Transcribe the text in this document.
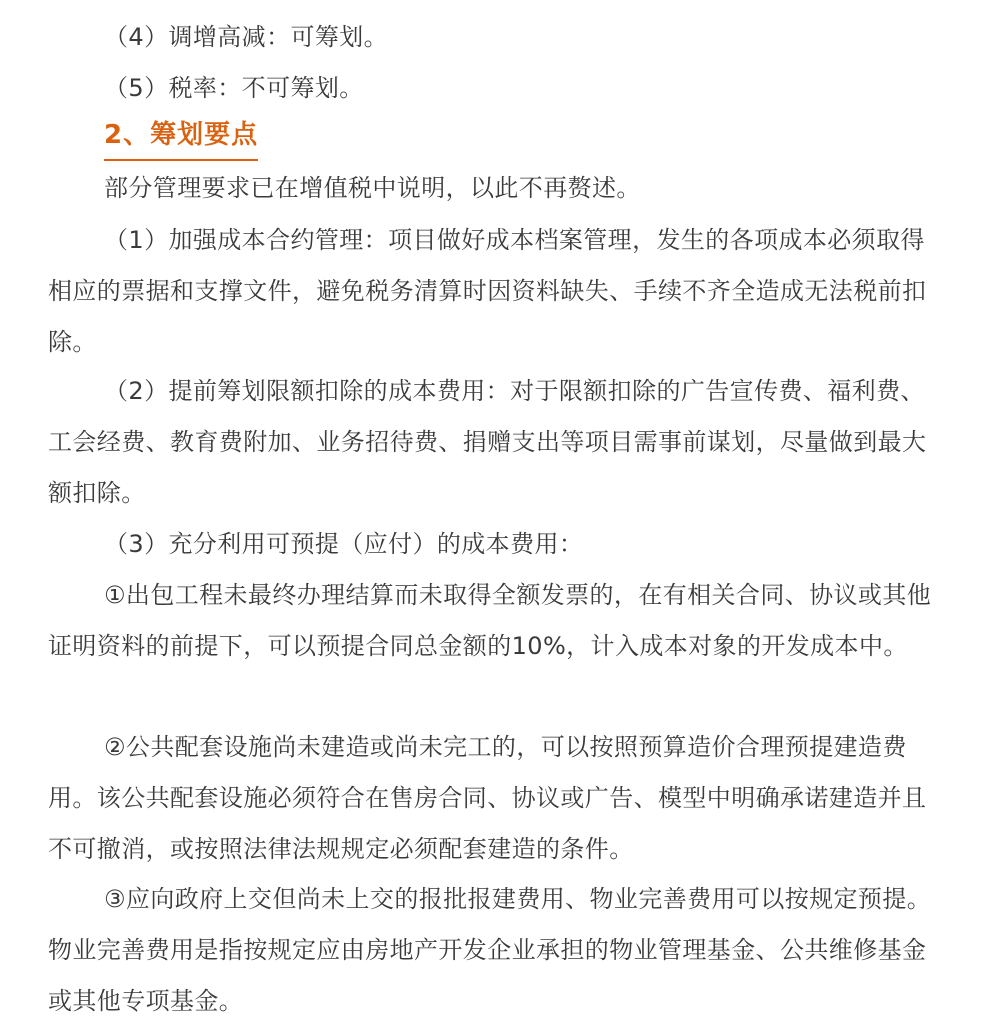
（4）调增高减：可筹划。

（5）税率：不可筹划。

2、筹划要点

部分管理要求已在增值税中说明，以此不再赘述。

（1）加强成本合约管理：项目做好成本档案管理，发生的各项成本必须取得相应的票据和支撑文件，避免税务清算时因资料缺失、手续不齐全造成无法税前扣除。

（2）提前筹划限额扣除的成本费用：对于限额扣除的广告宣传费、福利费、工会经费、教育费附加、业务招待费、捐赠支出等项目需事前谋划，尽量做到最大额扣除。

（3）充分利用可预提（应付）的成本费用：

①出包工程未最终办理结算而未取得全额发票的，在有相关合同、协议或其他证明资料的前提下，可以预提合同总金额的10%，计入成本对象的开发成本中。

②公共配套设施尚未建造或尚未完工的，可以按照预算造价合理预提建造费用。该公共配套设施必须符合在售房合同、协议或广告、模型中明确承诺建造并且不可撤消，或按照法律法规规定必须配套建造的条件。

③应向政府上交但尚未上交的报批报建费用、物业完善费用可以按规定预提。物业完善费用是指按规定应由房地产开发企业承担的物业管理基金、公共维修基金或其他专项基金。
